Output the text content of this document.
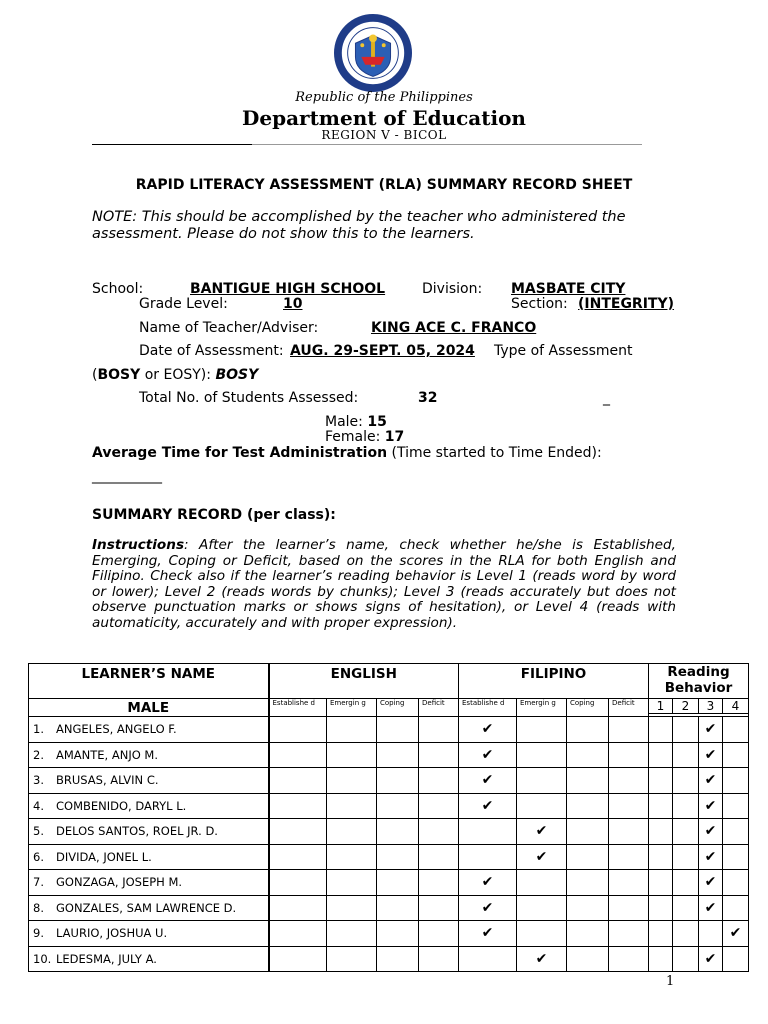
Republic of the Philippines
Department of Education
REGION V - BICOL
RAPID LITERACY ASSESSMENT (RLA) SUMMARY RECORD SHEET
NOTE: This should be accomplished by the teacher who administered the assessment. Please do not show this to the learners.
School:	BANTIGUE HIGH SCHOOL	Division: MASBATE CITY
Grade Level:	10	Section: (INTEGRITY)
Name of Teacher/Adviser:	KING ACE C. FRANCO
Date of Assessment: AUG. 29-SEPT. 05, 2024 Type of Assessment
(BOSY or EOSY): BOSY
Total No. of Students Assessed:	32	_
Male: 15
Female: 17
Average Time for Test Administration (Time started to Time Ended):
__________
SUMMARY RECORD (per class):
Instructions: After the learner’s name, check whether he/she is Established, Emerging, Coping or Deficit, based on the scores in the RLA for both English and Filipino. Check also if the learner’s reading behavior is Level 1 (reads word by word or lower); Level 2 (reads words by chunks); Level 3 (reads accurately but does not observe punctuation marks or shows signs of hesitation), or Level 4 (reads with automaticity, accurately and with proper expression).
LEARNER’S NAME	ENGLISH				FILIPINO				Reading Behavior			
MALE	Establishe d	Emergin g	Coping	Deficit	Establishe d	Emergin g	Coping	Deficit	1	2	3	4

1. ANGELES, ANGELO F.					✔						✔	
2. AMANTE, ANJO M.					✔						✔	
3. BRUSAS, ALVIN C.					✔						✔	
4. COMBENIDO, DARYL L.					✔						✔	
5. DELOS SANTOS, ROEL JR. D.						✔					✔	
6. DIVIDA, JONEL L.						✔					✔	
7. GONZAGA, JOSEPH M.					✔						✔	
8. GONZALES, SAM LAWRENCE D.					✔						✔	
9. LAURIO, JOSHUA U.					✔							✔
10. LEDESMA, JULY A.						✔					✔	
1
